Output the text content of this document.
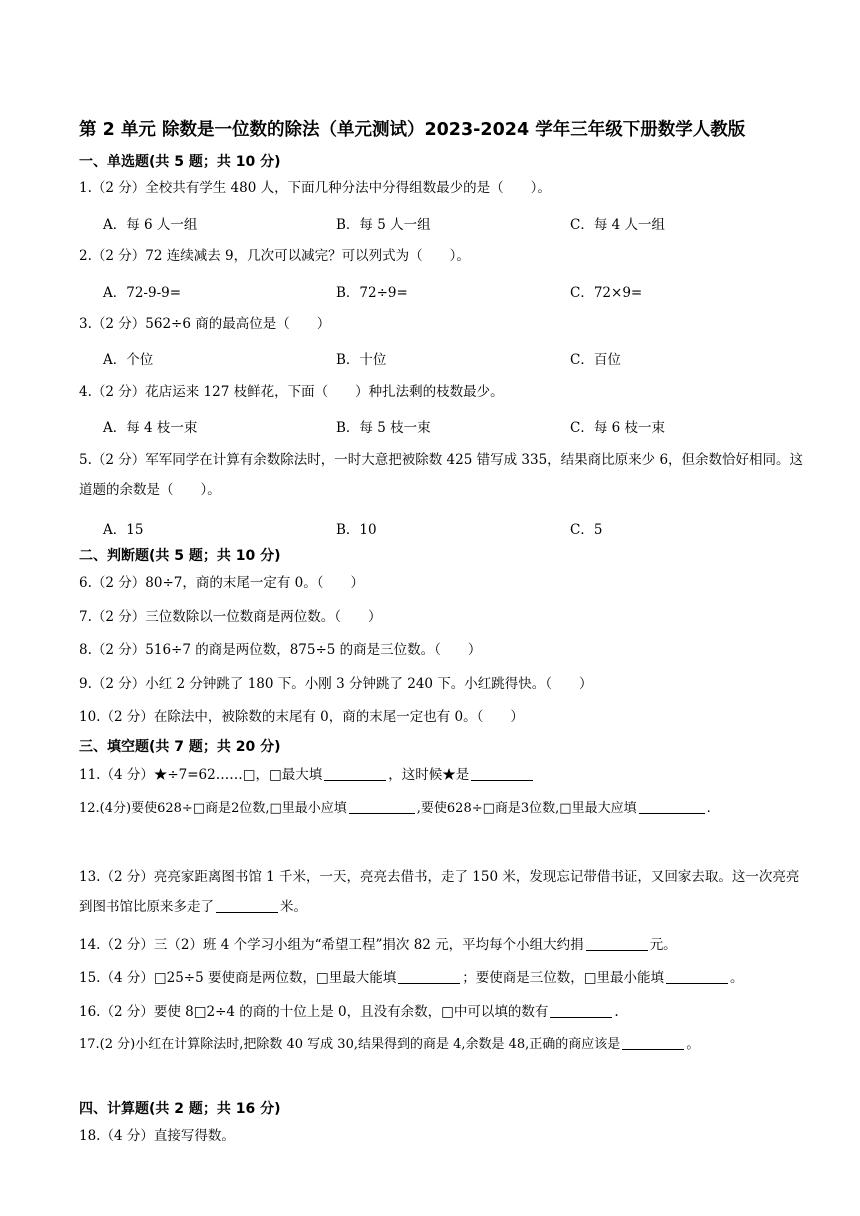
第 2 单元 除数是一位数的除法（单元测试）2023-2024 学年三年级下册数学人教版
一、单选题(共 5 题；共 10 分)
1.（2 分）全校共有学生 480 人，下面几种分法中分得组数最少的是（　　）。
A．每 6 人一组	B．每 5 人一组	C．每 4 人一组
2.（2 分）72 连续减去 9，几次可以减完？可以列式为（　　）。
A．72-9-9=	B．72÷9=	C．72×9=
3.（2 分）562÷6 商的最高位是（　　）
A．个位	B．十位	C．百位
4.（2 分）花店运来 127 枝鲜花，下面（　　）种扎法剩的枝数最少。
A．每 4 枝一束	B．每 5 枝一束	C．每 6 枝一束
5.（2 分）军军同学在计算有余数除法时，一时大意把被除数 425 错写成 335，结果商比原来少 6，但余数恰好相同。这道题的余数是（　　）。
A．15	B．10	C．5
二、判断题(共 5 题；共 10 分)
6.（2 分）80÷7，商的末尾一定有 0。（　　）
7.（2 分）三位数除以一位数商是两位数。（　　）
8.（2 分）516÷7 的商是两位数，875÷5 的商是三位数。（　　）
9.（2 分）小红 2 分钟跳了 180 下。小刚 3 分钟跳了 240 下。小红跳得快。（　　）
10.（2 分）在除法中，被除数的末尾有 0，商的末尾一定也有 0。（　　）
三、填空题(共 7 题；共 20 分)
11.（4 分）★÷7=62……□，□最大填	，这时候★是
12.(4分)要使628÷□商是2位数,□里最小应填	,要使628÷□商是3位数,□里最大应填	.
13.（2 分）亮亮家距离图书馆 1 千米，一天，亮亮去借书，走了 150 米，发现忘记带借书证，又回家去取。这一次亮亮到图书馆比原来多走了	米。
14.（2 分）三（2）班 4 个学习小组为“希望工程”捐次 82 元，平均每个小组大约捐	元。
15.（4 分）□25÷5 要使商是两位数，□里最大能填	；要使商是三位数，□里最小能填	。
16.（2 分）要使 8□2÷4 的商的十位上是 0，且没有余数，□中可以填的数有	.
17.(2 分)小红在计算除法时,把除数 40 写成 30,结果得到的商是 4,余数是 48,正确的商应该是	。
四、计算题(共 2 题；共 16 分)
18.（4 分）直接写得数。
